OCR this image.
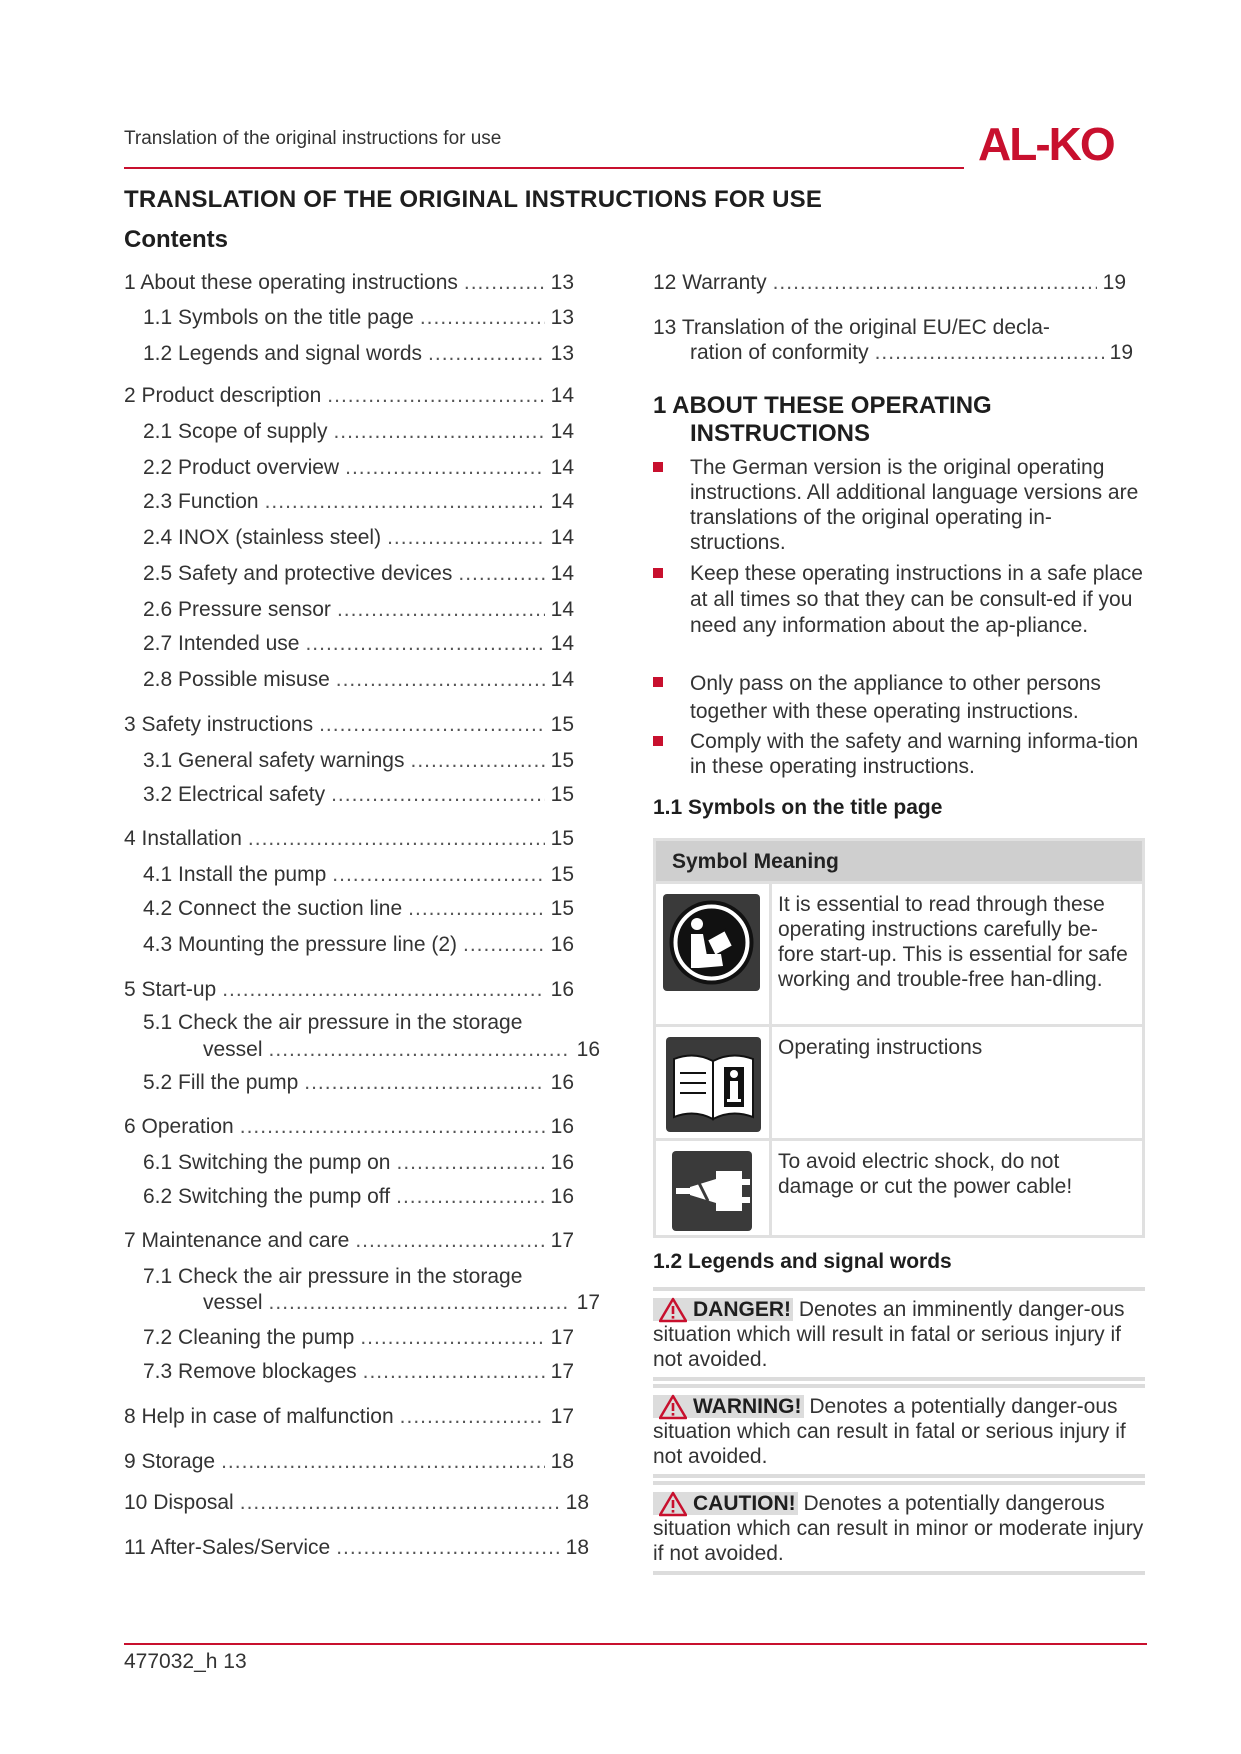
Translation of the original instructions for use	AL-KO
TRANSLATION OF THE ORIGINAL INSTRUCTIONS FOR USE
Contents
1 About these operating instructions .....	13
1.1 Symbols on the title page .....	13
1.2 Legends and signal words .....	13
2 Product description .....	14
2.1 Scope of supply .....	14
2.2 Product overview .....	14
2.3 Function .....	14
2.4 INOX (stainless steel) .....	14
2.5 Safety and protective devices .....	14
2.6 Pressure sensor .....	14
2.7 Intended use .....	14
2.8 Possible misuse .....	14
3 Safety instructions .....	15
3.1 General safety warnings .....	15
3.2 Electrical safety .....	15
4 Installation .....	15
4.1 Install the pump .....	15
4.2 Connect the suction line .....	15
4.3 Mounting the pressure line (2) .....	16
5 Start-up .....	16
5.1 Check the air pressure in the storage
vessel .....	16
5.2 Fill the pump .....	16
6 Operation .....	16
6.1 Switching the pump on .....	16
6.2 Switching the pump off .....	16
7 Maintenance and care .....	17
7.1 Check the air pressure in the storage
vessel .....	17
7.2 Cleaning the pump .....	17
7.3 Remove blockages .....	17
8 Help in case of malfunction .....	17
9 Storage .....	18
10 Disposal .....	18
11 After-Sales/Service .....	18
12 Warranty .....	19
13 Translation of the original EU/EC decla-
ration of conformity .....	19
1 ABOUT THESE OPERATING
INSTRUCTIONS
The German version is the original operating instructions. All additional language versions are translations of the original operating in-structions.
Keep these operating instructions in a safe place at all times so that they can be consult-ed if you need any information about the ap-pliance.
Only pass on the appliance to other persons together with these operating instructions.
Comply with the safety and warning informa-tion in these operating instructions.
1.1 Symbols on the title page
Symbol Meaning
It is essential to read through these operating instructions carefully be-fore start-up. This is essential for safe working and trouble-free han-dling.
Operating instructions
To avoid electric shock, do not damage or cut the power cable!
1.2 Legends and signal words
DANGER! Denotes an imminently danger-ous situation which will result in fatal or serious injury if not avoided.
WARNING! Denotes a potentially danger-ous situation which can result in fatal or serious injury if not avoided.
CAUTION! Denotes a potentially dangerous situation which can result in minor or moderate injury if not avoided.
477032_h 13
